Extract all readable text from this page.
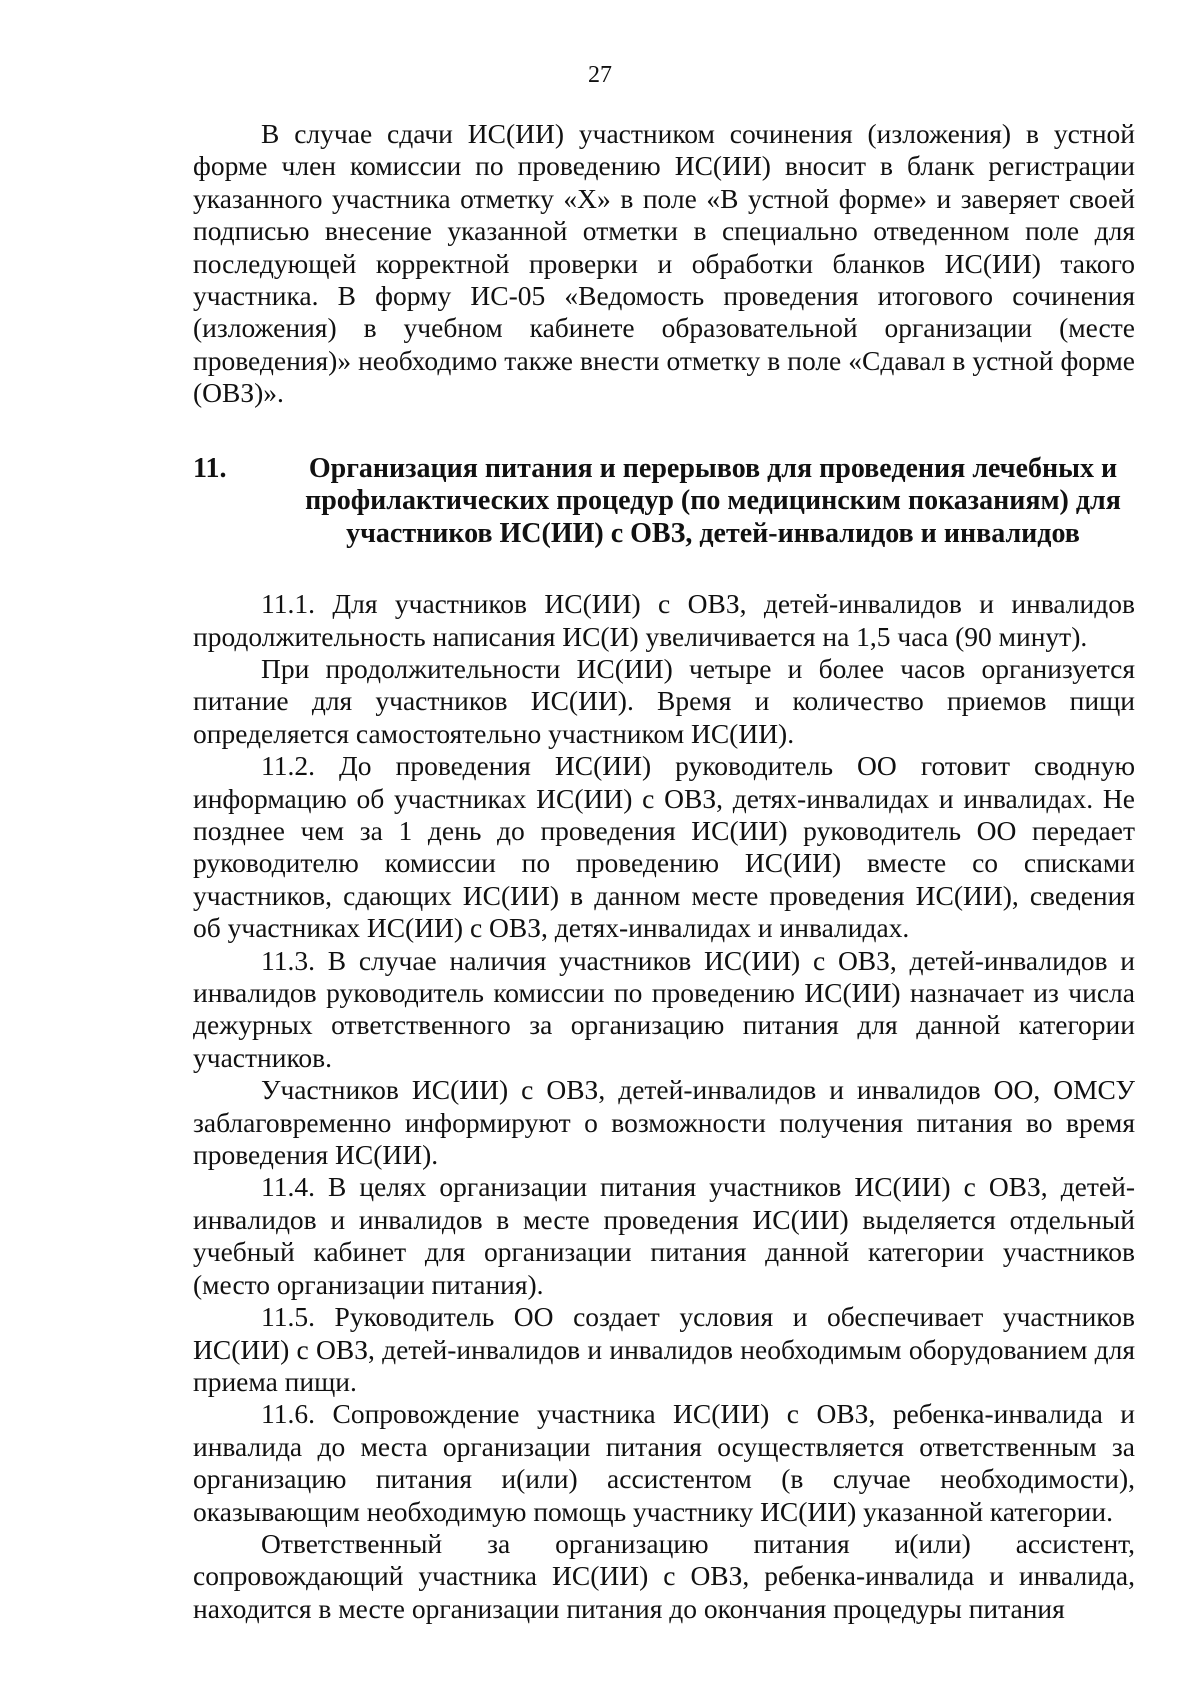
27

В случае сдачи ИС(ИИ) участником сочинения (изложения) в устной форме член комиссии по проведению ИС(ИИ) вносит в бланк регистрации указанного участника отметку «X» в поле «В устной форме» и заверяет своей подписью внесение указанной отметки в специально отведенном поле для последующей корректной проверки и обработки бланков ИС(ИИ) такого участника. В форму ИС-05 «Ведомость проведения итогового сочинения (изложения) в учебном кабинете образовательной организации (месте проведения)» необходимо также внести отметку в поле «Сдавал в устной форме (ОВЗ)».

11.	Организация питания и перерывов для проведения лечебных и профилактических процедур (по медицинским показаниям) для участников ИС(ИИ) с ОВЗ, детей-инвалидов и инвалидов

11.1. Для участников ИС(ИИ) с ОВЗ, детей-инвалидов и инвалидов продолжительность написания ИС(И) увеличивается на 1,5 часа (90 минут).

При продолжительности ИС(ИИ) четыре и более часов организуется питание для участников ИС(ИИ). Время и количество приемов пищи определяется самостоятельно участником ИС(ИИ).

11.2. До проведения ИС(ИИ) руководитель ОО готовит сводную информацию об участниках ИС(ИИ) с ОВЗ, детях-инвалидах и инвалидах. Не позднее чем за 1 день до проведения ИС(ИИ) руководитель ОО передает руководителю комиссии по проведению ИС(ИИ) вместе со списками участников, сдающих ИС(ИИ) в данном месте проведения ИС(ИИ), сведения об участниках ИС(ИИ) с ОВЗ, детях-инвалидах и инвалидах.

11.3. В случае наличия участников ИС(ИИ) с ОВЗ, детей-инвалидов и инвалидов руководитель комиссии по проведению ИС(ИИ) назначает из числа дежурных ответственного за организацию питания для данной категории участников.

Участников ИС(ИИ) с ОВЗ, детей-инвалидов и инвалидов ОО, ОМСУ заблаговременно информируют о возможности получения питания во время проведения ИС(ИИ).

11.4. В целях организации питания участников ИС(ИИ) с ОВЗ, детей-инвалидов и инвалидов в месте проведения ИС(ИИ) выделяется отдельный учебный кабинет для организации питания данной категории участников (место организации питания).

11.5. Руководитель ОО создает условия и обеспечивает участников ИС(ИИ) с ОВЗ, детей-инвалидов и инвалидов необходимым оборудованием для приема пищи.

11.6. Сопровождение участника ИС(ИИ) с ОВЗ, ребенка-инвалида и инвалида до места организации питания осуществляется ответственным за организацию питания и(или) ассистентом (в случае необходимости), оказывающим необходимую помощь участнику ИС(ИИ) указанной категории.

Ответственный за организацию питания и(или) ассистент, сопровождающий участника ИС(ИИ) с ОВЗ, ребенка-инвалида и инвалида, находится в месте организации питания до окончания процедуры питания
